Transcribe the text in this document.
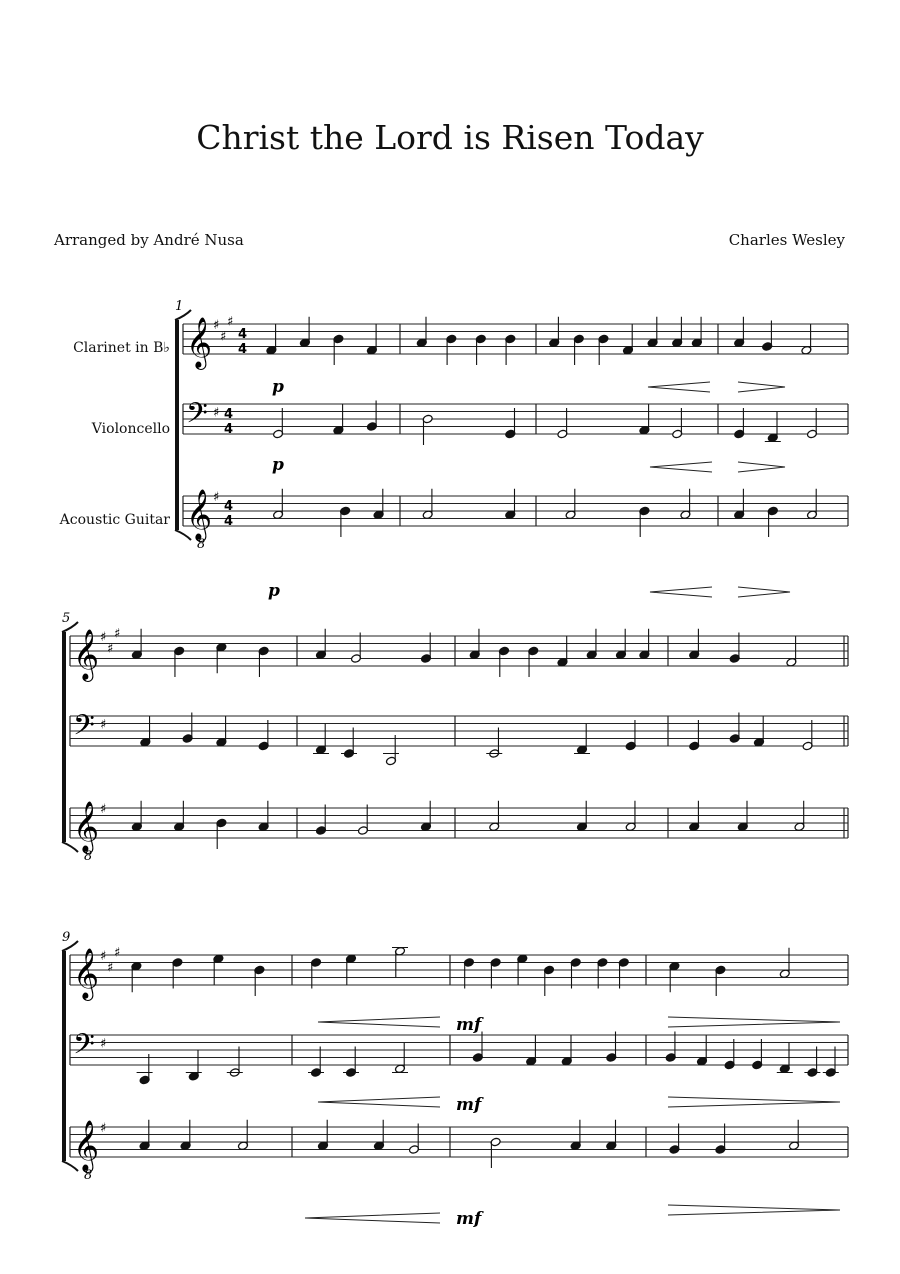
Christ the Lord is Risen Today
Arranged by André Nusa	Charles Wesley
Clarinet in B♭
Violoncello
Acoustic Guitar
1
𝄞 ♯
♯
♯
4
4
𝄢 ♯ 4
4
𝄞
8
♯
4
4
5
𝄞 ♯
♯
♯
𝄢 ♯
𝄞
8
♯
9
𝄞 ♯
♯
♯
𝄢 ♯
𝄞
8
♯
p
p
p
mf
mf
mf
